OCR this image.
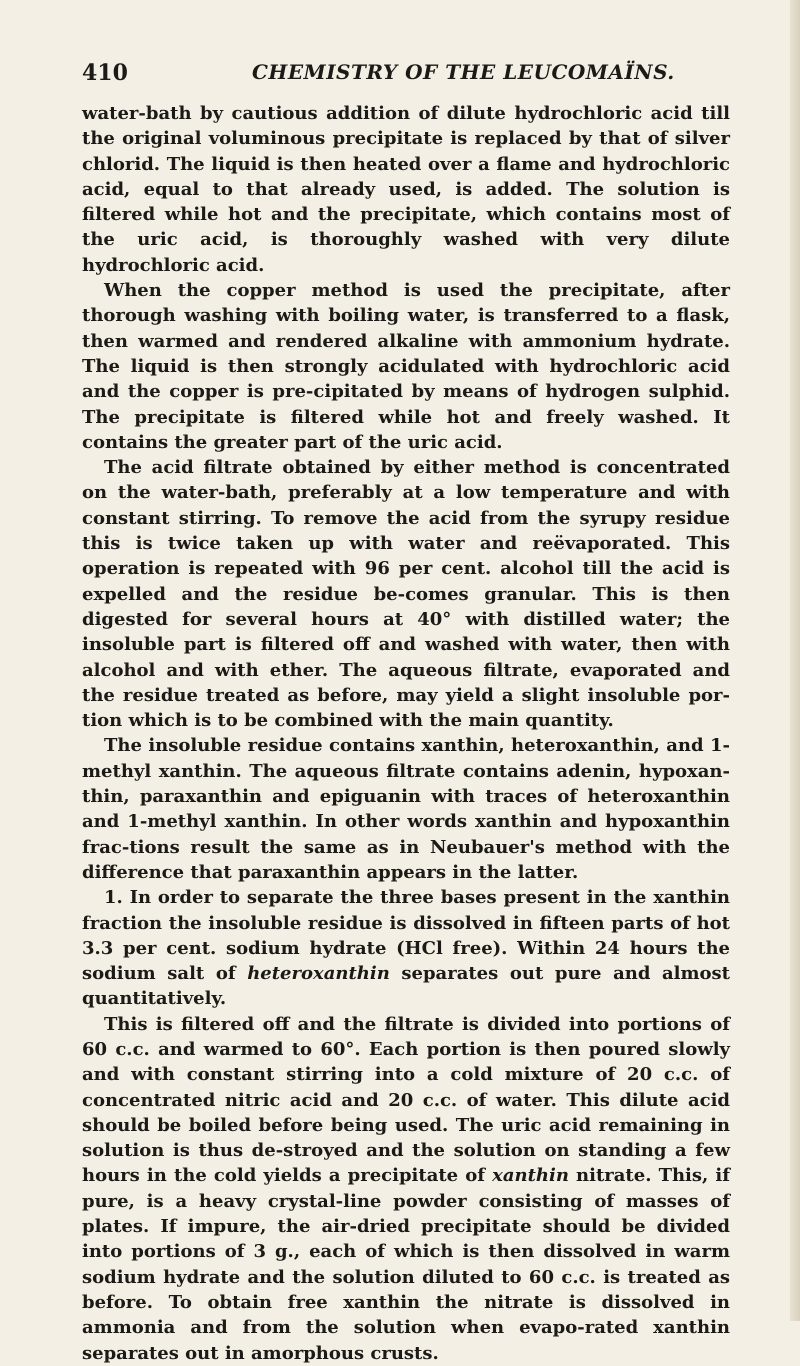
410	CHEMISTRY OF THE LEUCOMAÏNS.

water-bath by cautious addition of dilute hydrochloric acid till the original voluminous precipitate is replaced by that of silver chlorid. The liquid is then heated over a flame and hydrochloric acid, equal to that already used, is added. The solution is filtered while hot and the precipitate, which contains most of the uric acid, is thoroughly washed with very dilute hydrochloric acid.

When the copper method is used the precipitate, after thorough washing with boiling water, is transferred to a flask, then warmed and rendered alkaline with ammonium hydrate. The liquid is then strongly acidulated with hydrochloric acid and the copper is pre-cipitated by means of hydrogen sulphid. The precipitate is filtered while hot and freely washed. It contains the greater part of the uric acid.

The acid filtrate obtained by either method is concentrated on the water-bath, preferably at a low temperature and with constant stirring. To remove the acid from the syrupy residue this is twice taken up with water and reëvaporated. This operation is repeated with 96 per cent. alcohol till the acid is expelled and the residue be-comes granular. This is then digested for several hours at 40° with distilled water; the insoluble part is filtered off and washed with water, then with alcohol and with ether. The aqueous filtrate, evaporated and the residue treated as before, may yield a slight insoluble por-tion which is to be combined with the main quantity.

The insoluble residue contains xanthin, heteroxanthin, and 1-methyl xanthin. The aqueous filtrate contains adenin, hypoxan-thin, paraxanthin and epiguanin with traces of heteroxanthin and 1-methyl xanthin. In other words xanthin and hypoxanthin frac-tions result the same as in Neubauer's method with the difference that paraxanthin appears in the latter.

1. In order to separate the three bases present in the xanthin fraction the insoluble residue is dissolved in fifteen parts of hot 3.3 per cent. sodium hydrate (HCl free). Within 24 hours the sodium salt of heteroxanthin separates out pure and almost quantitatively.

This is filtered off and the filtrate is divided into portions of 60 c.c. and warmed to 60°. Each portion is then poured slowly and with constant stirring into a cold mixture of 20 c.c. of concentrated nitric acid and 20 c.c. of water. This dilute acid should be boiled before being used. The uric acid remaining in solution is thus de-stroyed and the solution on standing a few hours in the cold yields a precipitate of xanthin nitrate. This, if pure, is a heavy crystal-line powder consisting of masses of plates. If impure, the air-dried precipitate should be divided into portions of 3 g., each of which is then dissolved in warm sodium hydrate and the solution diluted to 60 c.c. is treated as before. To obtain free xanthin the nitrate is dissolved in ammonia and from the solution when evapo-rated xanthin separates out in amorphous crusts.
